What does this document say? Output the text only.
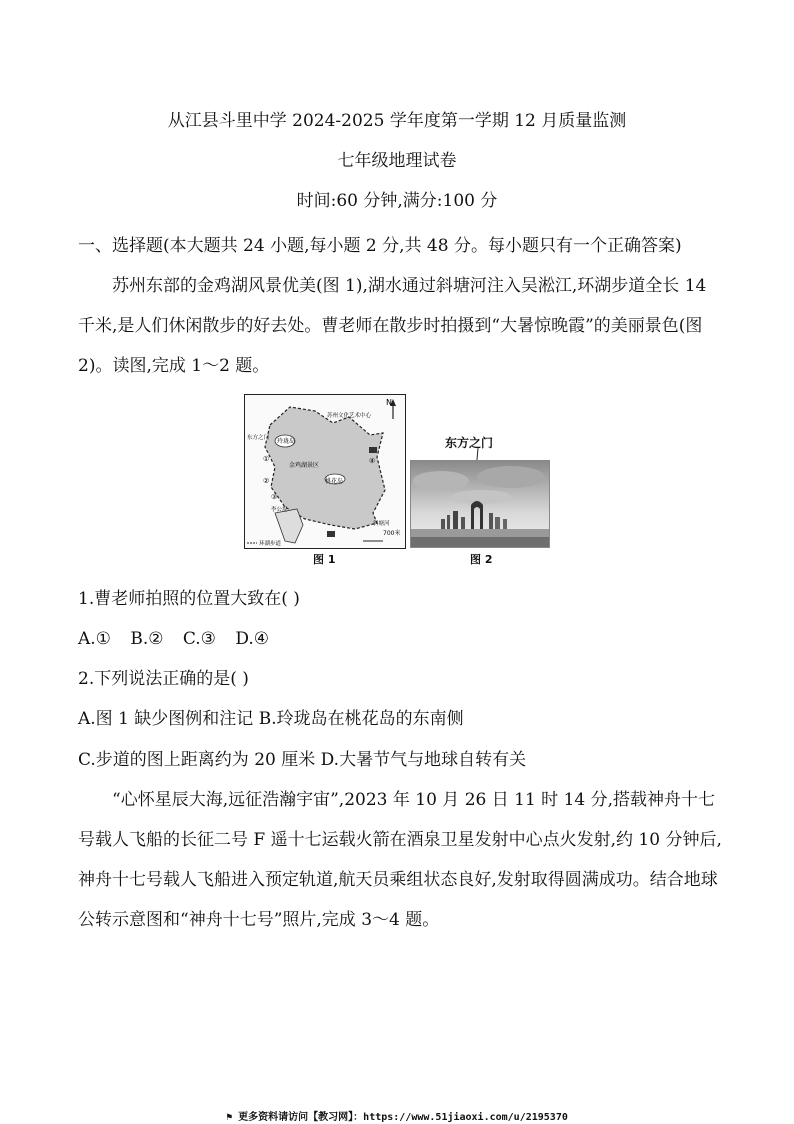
从江县斗里中学 2024-2025 学年度第一学期 12 月质量监测
七年级地理试卷
时间:60 分钟,满分:100 分
一、选择题(本大题共 24 小题,每小题 2 分,共 48 分。每小题只有一个正确答案)
苏州东部的金鸡湖风景优美(图 1),湖水通过斜塘河注入吴淞江,环湖步道全长 14 千米,是人们休闲散步的好去处。曹老师在散步时拍摄到“大暑惊晚霞”的美丽景色(图 2)。读图,完成 1～2 题。
N
苏州文化艺术中心
玲珑岛
金鸡湖景区
桃花岛
东方之门
李公堤
斜塘河
①
②
③
④
700米
环湖步道
东方之门
图 1	图 2
1.曹老师拍照的位置大致在( )
A.① B.② C.③ D.④
2.下列说法正确的是( )
A.图 1 缺少图例和注记 B.玲珑岛在桃花岛的东南侧
C.步道的图上距离约为 20 厘米 D.大暑节气与地球自转有关
“心怀星辰大海,远征浩瀚宇宙”,2023 年 10 月 26 日 11 时 14 分,搭载神舟十七号载人飞船的长征二号 F 遥十七运载火箭在酒泉卫星发射中心点火发射,约 10 分钟后,神舟十七号载人飞船进入预定轨道,航天员乘组状态良好,发射取得圆满成功。结合地球公转示意图和“神舟十七号”照片,完成 3～4 题。
⚑ 更多资料请访问【教习网】：https://www.51jiaoxi.com/u/2195370
